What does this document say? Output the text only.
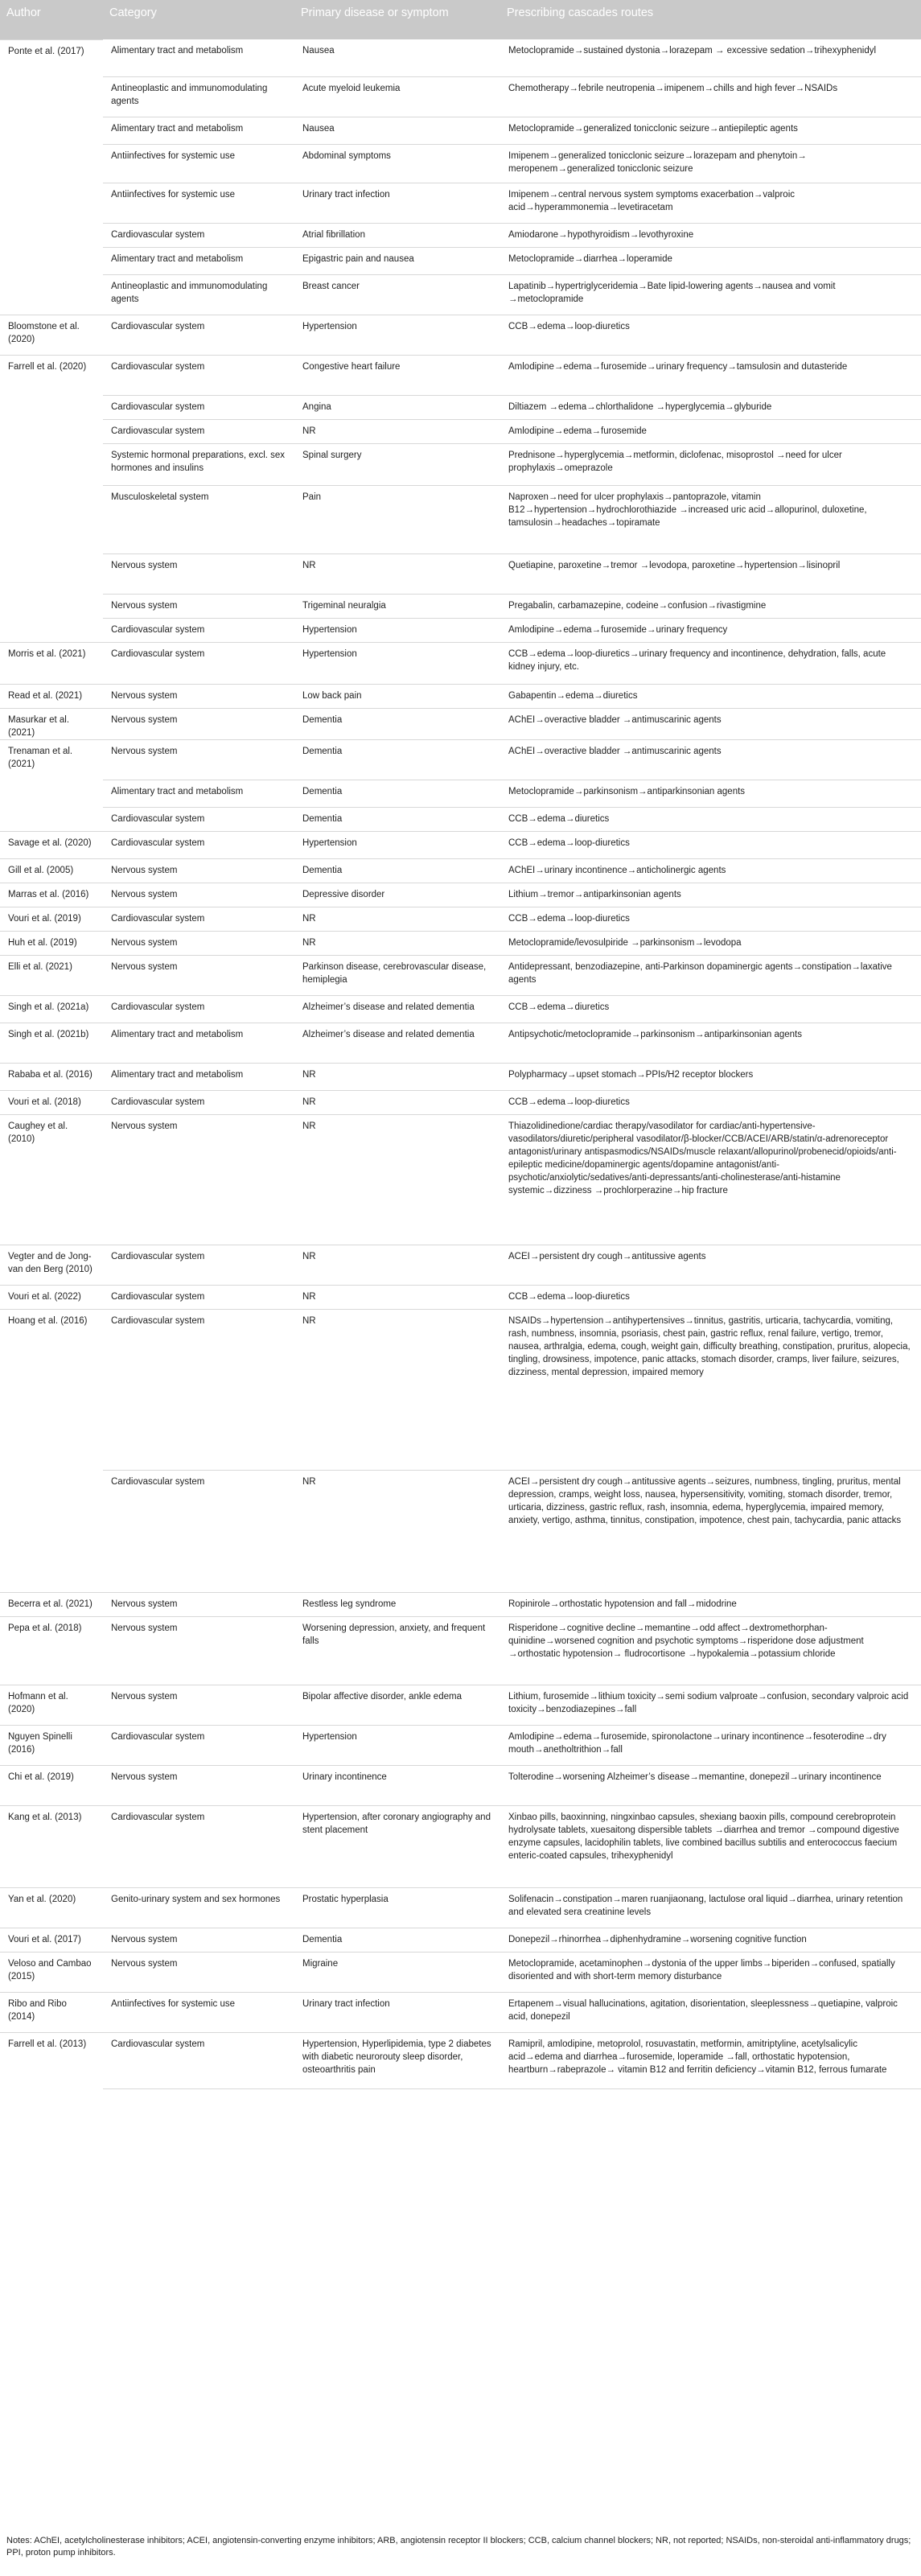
Author	Category	Primary disease or symptom	Prescribing cascades routes
Ponte et al. (2017)	Alimentary tract and metabolism	Nausea	Metoclopramide→sustained dystonia→lorazepam → excessive sedation→trihexyphenidyl
	Antineoplastic and immunomodulating agents	Acute myeloid leukemia	Chemotherapy→febrile neutropenia→imipenem→chills and high fever→NSAIDs
	Alimentary tract and metabolism	Nausea	Metoclopramide→generalized tonicclonic seizure→antiepileptic agents
	Antiinfectives for systemic use	Abdominal symptoms	Imipenem→generalized tonicclonic seizure→lorazepam and phenytoin→ meropenem→generalized tonicclonic seizure
	Antiinfectives for systemic use	Urinary tract infection	Imipenem→central nervous system symptoms exacerbation→valproic acid→hyperammonemia→levetiracetam
	Cardiovascular system	Atrial fibrillation	Amiodarone→hypothyroidism→levothyroxine
	Alimentary tract and metabolism	Epigastric pain and nausea	Metoclopramide→diarrhea→loperamide
	Antineoplastic and immunomodulating agents	Breast cancer	Lapatinib→hypertriglyceridemia→Bate lipid-lowering agents→nausea and vomit →metoclopramide
Bloomstone et al. (2020)	Cardiovascular system	Hypertension	CCB→edema→loop-diuretics
Farrell et al. (2020)	Cardiovascular system	Congestive heart failure	Amlodipine→edema→furosemide→urinary frequency→tamsulosin and dutasteride
	Cardiovascular system	Angina	Diltiazem →edema→chlorthalidone →hyperglycemia→glyburide
	Cardiovascular system	NR	Amlodipine→edema→furosemide
	Systemic hormonal preparations, excl. sex hormones and insulins	Spinal surgery	Prednisone→hyperglycemia→metformin, diclofenac, misoprostol →need for ulcer prophylaxis→omeprazole
	Musculoskeletal system	Pain	Naproxen→need for ulcer prophylaxis→pantoprazole, vitamin B12→hypertension→hydrochlorothiazide →increased uric acid→allopurinol, duloxetine, tamsulosin→headaches→topiramate
	Nervous system	NR	Quetiapine, paroxetine→tremor →levodopa, paroxetine→hypertension→lisinopril
	Nervous system	Trigeminal neuralgia	Pregabalin, carbamazepine, codeine→confusion→rivastigmine
	Cardiovascular system	Hypertension	Amlodipine→edema→furosemide→urinary frequency
Morris et al. (2021)	Cardiovascular system	Hypertension	CCB→edema→loop-diuretics→urinary frequency and incontinence, dehydration, falls, acute kidney injury, etc.
Read et al. (2021)	Nervous system	Low back pain	Gabapentin→edema→diuretics
Masurkar et al. (2021)	Nervous system	Dementia	AChEI→overactive bladder →antimuscarinic agents
Trenaman et al. (2021)	Nervous system	Dementia	AChEI→overactive bladder →antimuscarinic agents
	Alimentary tract and metabolism	Dementia	Metoclopramide→parkinsonism→antiparkinsonian agents
	Cardiovascular system	Dementia	CCB→edema→diuretics
Savage et al. (2020)	Cardiovascular system	Hypertension	CCB→edema→loop-diuretics
Gill et al. (2005)	Nervous system	Dementia	AChEI→urinary incontinence→anticholinergic agents
Marras et al. (2016)	Nervous system	Depressive disorder	Lithium→tremor→antiparkinsonian agents
Vouri et al. (2019)	Cardiovascular system	NR	CCB→edema→loop-diuretics
Huh et al. (2019)	Nervous system	NR	Metoclopramide/levosulpiride →parkinsonism→levodopa
Elli et al. (2021)	Nervous system	Parkinson disease, cerebrovascular disease, hemiplegia	Antidepressant, benzodiazepine, anti-Parkinson dopaminergic agents→constipation→laxative agents
Singh et al. (2021a)	Cardiovascular system	Alzheimer’s disease and related dementia	CCB→edema→diuretics
Singh et al. (2021b)	Alimentary tract and metabolism	Alzheimer’s disease and related dementia	Antipsychotic/metoclopramide→parkinsonism→antiparkinsonian agents
Rababa et al. (2016)	Alimentary tract and metabolism	NR	Polypharmacy→upset stomach→PPIs/H2 receptor blockers
Vouri et al. (2018)	Cardiovascular system	NR	CCB→edema→loop-diuretics
Caughey et al. (2010)	Nervous system	NR	Thiazolidinedione/cardiac therapy/vasodilator for cardiac/anti-hypertensive-vasodilators/diuretic/peripheral vasodilator/β-blocker/CCB/ACEI/ARB/statin/α-adrenoreceptor antagonist/urinary antispasmodics/NSAIDs/muscle relaxant/allopurinol/probenecid/opioids/anti-epileptic medicine/dopaminergic agents/dopamine antagonist/anti-psychotic/anxiolytic/sedatives/anti-depressants/anti-cholinesterase/anti-histamine systemic→dizziness →prochlorperazine→hip fracture
Vegter and de Jong-van den Berg (2010)	Cardiovascular system	NR	ACEI→persistent dry cough→antitussive agents
Vouri et al. (2022)	Cardiovascular system	NR	CCB→edema→loop-diuretics
Hoang et al. (2016)	Cardiovascular system	NR	NSAIDs→hypertension→antihypertensives→tinnitus, gastritis, urticaria, tachycardia, vomiting, rash, numbness, insomnia, psoriasis, chest pain, gastric reflux, renal failure, vertigo, tremor, nausea, arthralgia, edema, cough, weight gain, difficulty breathing, constipation, pruritus, alopecia, tingling, drowsiness, impotence, panic attacks, stomach disorder, cramps, liver failure, seizures, dizziness, mental depression, impaired memory
	Cardiovascular system	NR	ACEI→persistent dry cough→antitussive agents→seizures, numbness, tingling, pruritus, mental depression, cramps, weight loss, nausea, hypersensitivity, vomiting, stomach disorder, tremor, urticaria, dizziness, gastric reflux, rash, insomnia, edema, hyperglycemia, impaired memory, anxiety, vertigo, asthma, tinnitus, constipation, impotence, chest pain, tachycardia, panic attacks
Becerra et al. (2021)	Nervous system	Restless leg syndrome	Ropinirole→orthostatic hypotension and fall→midodrine
Pepa et al. (2018)	Nervous system	Worsening depression, anxiety, and frequent falls	Risperidone→cognitive decline→memantine→odd affect→dextromethorphan-quinidine→worsened cognition and psychotic symptoms→risperidone dose adjustment →orthostatic hypotension→ fludrocortisone →hypokalemia→potassium chloride
Hofmann et al. (2020)	Nervous system	Bipolar affective disorder, ankle edema	Lithium, furosemide→lithium toxicity→semi sodium valproate→confusion, secondary valproic acid toxicity→benzodiazepines→fall
Nguyen Spinelli (2016)	Cardiovascular system	Hypertension	Amlodipine→edema→furosemide, spironolactone→urinary incontinence→fesoterodine→dry mouth→anetholtrithion→fall
Chi et al. (2019)	Nervous system	Urinary incontinence	Tolterodine→worsening Alzheimer’s disease→memantine, donepezil→urinary incontinence
Kang et al. (2013)	Cardiovascular system	Hypertension, after coronary angiography and stent placement	Xinbao pills, baoxinning, ningxinbao capsules, shexiang baoxin pills, compound cerebroprotein hydrolysate tablets, xuesaitong dispersible tablets →diarrhea and tremor →compound digestive enzyme capsules, lacidophilin tablets, live combined bacillus subtilis and enterococcus faecium enteric-coated capsules, trihexyphenidyl
Yan et al. (2020)	Genito-urinary system and sex hormones	Prostatic hyperplasia	Solifenacin→constipation→maren ruanjiaonang, lactulose oral liquid→diarrhea, urinary retention and elevated sera creatinine levels
Vouri et al. (2017)	Nervous system	Dementia	Donepezil→rhinorrhea→diphenhydramine→worsening cognitive function
Veloso and Cambao (2015)	Nervous system	Migraine	Metoclopramide, acetaminophen→dystonia of the upper limbs→biperiden→confused, spatially disoriented and with short-term memory disturbance
Ribo and Ribo (2014)	Antiinfectives for systemic use	Urinary tract infection	Ertapenem→visual hallucinations, agitation, disorientation, sleeplessness→quetiapine, valproic acid, donepezil
Farrell et al. (2013)	Cardiovascular system	Hypertension, Hyperlipidemia, type 2 diabetes with diabetic neurorouty sleep disorder, osteoarthritis pain	Ramipril, amlodipine, metoprolol, rosuvastatin, metformin, amitriptyline, acetylsalicylic acid→edema and diarrhea→furosemide, loperamide →fall, orthostatic hypotension, heartburn→rabeprazole→ vitamin B12 and ferritin deficiency→vitamin B12, ferrous fumarate
Notes: AChEI, acetylcholinesterase inhibitors; ACEI, angiotensin-converting enzyme inhibitors; ARB, angiotensin receptor II blockers; CCB, calcium channel blockers; NR, not reported; NSAIDs, non-steroidal anti-inflammatory drugs; PPI, proton pump inhibitors.
